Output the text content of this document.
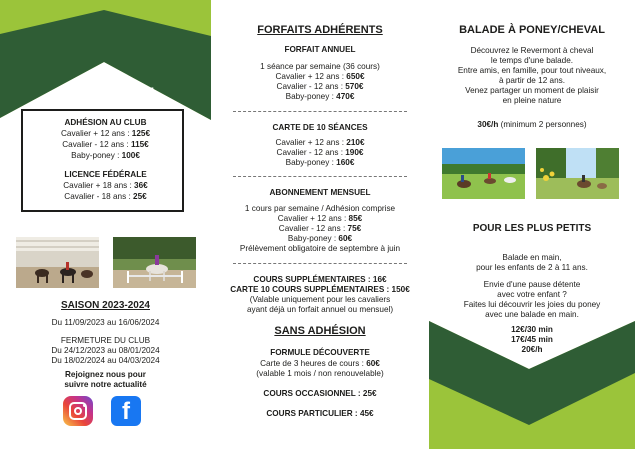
TARIF
SAISON 2023-2024
ADHÉSION AU CLUB
Cavalier + 12 ans : 125€
Cavalier - 12 ans : 115€
Baby-poney : 100€
LICENCE FÉDÉRALE
Cavalier + 18 ans : 36€
Cavalier - 18 ans : 25€
SAISON 2023-2024
Du 11/09/2023 au 16/06/2024
FERMETURE DU CLUB
Du 24/12/2023 au 08/01/2024
Du 18/02/2024 au 04/03/2024
Rejoignez nous pour
suivre notre actualité
f
FORFAITS ADHÉRENTS
FORFAIT ANNUEL
1 séance par semaine (36 cours)
Cavalier + 12 ans : 650€
Cavalier - 12 ans : 570€
Baby-poney : 470€
CARTE DE 10 SÉANCES
Cavalier + 12 ans : 210€
Cavalier - 12 ans : 190€
Baby-poney : 160€
ABONNEMENT MENSUEL
1 cours par semaine / Adhésion comprise
Cavalier + 12 ans : 85€
Cavalier - 12 ans : 75€
Baby-poney : 60€
Prélèvement obligatoire de septembre à juin
COURS SUPPLÉMENTAIRES : 16€
CARTE 10 COURS SUPPLÉMENTAIRES : 150€
(Valable uniquement pour les cavaliers
ayant déjà un forfait annuel ou mensuel)
SANS ADHÉSION
FORMULE DÉCOUVERTE
Carte de 3 heures de cours : 60€
(valable 1 mois / non renouvelable)
COURS OCCASIONNEL : 25€
COURS PARTICULIER : 45€
BALADE À PONEY/CHEVAL
Découvrez le Revermont à cheval
le temps d'une balade.
Entre amis, en famille, pour tout niveaux,
à partir de 12 ans.
Venez partager un moment de plaisir
en pleine nature
30€/h (minimum 2 personnes)
POUR LES PLUS PETITS
Balade en main,
pour les enfants de 2 à 11 ans.
Envie d'une pause détente
avec votre enfant ?
Faites lui découvrir les joies du poney
avec une balade en main.
12€/30 min
17€/45 min
20€/h
